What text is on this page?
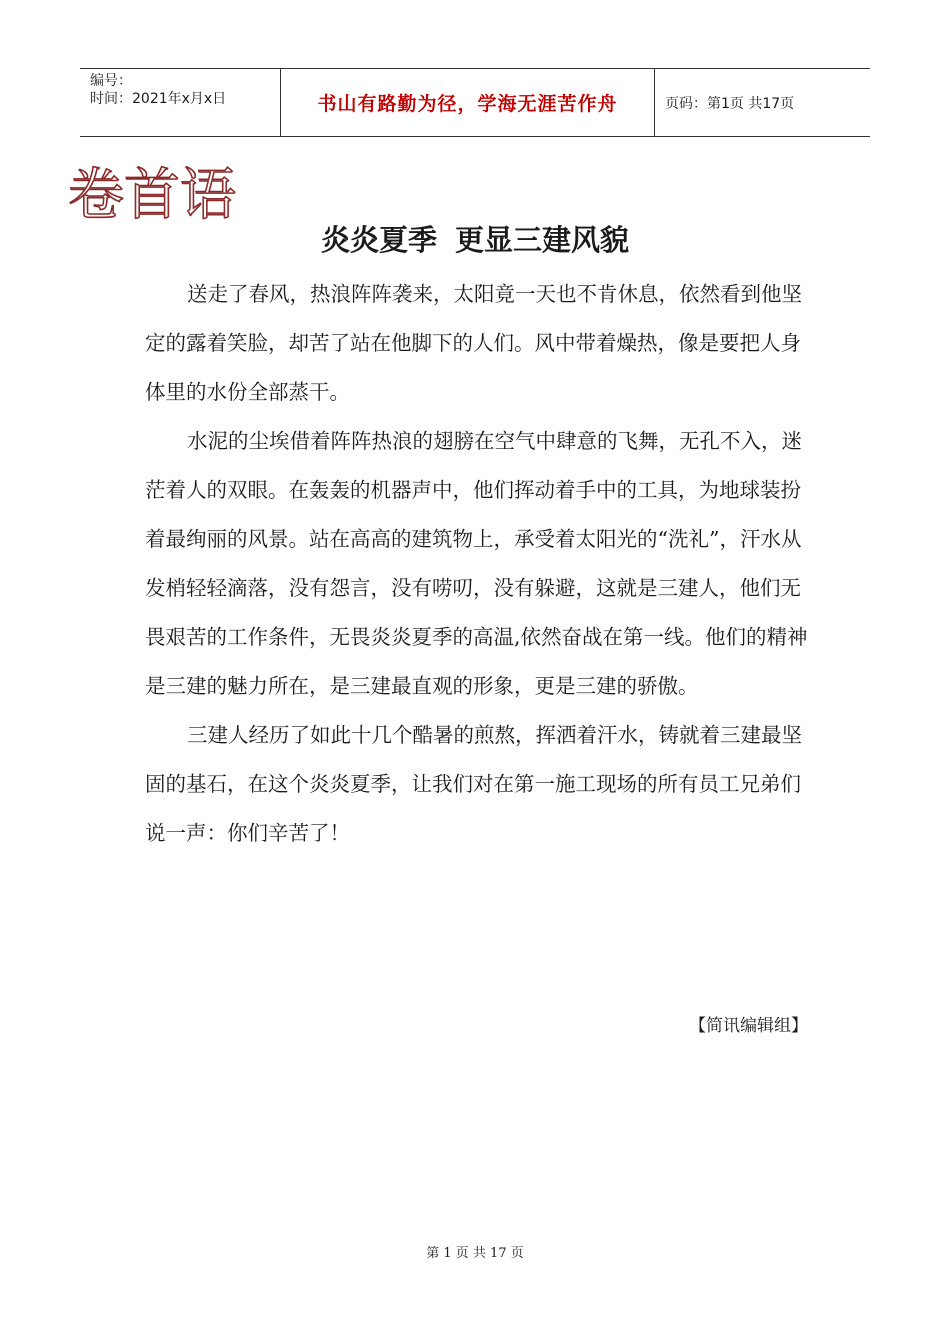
编号：
时间：2021年x月x日	书山有路勤为径，学海无涯苦作舟	页码：第1页 共17页
卷首语
炎炎夏季 更显三建风貌

送走了春风，热浪阵阵袭来，太阳竟一天也不肯休息，依然看到他坚定的露着笑脸，却苦了站在他脚下的人们。风中带着燥热，像是要把人身体里的水份全部蒸干。

水泥的尘埃借着阵阵热浪的翅膀在空气中肆意的飞舞，无孔不入，迷茫着人的双眼。在轰轰的机器声中，他们挥动着手中的工具，为地球装扮着最绚丽的风景。站在高高的建筑物上，承受着太阳光的“洗礼”，汗水从发梢轻轻滴落，没有怨言，没有唠叨，没有躲避，这就是三建人，他们无畏艰苦的工作条件，无畏炎炎夏季的高温,依然奋战在第一线。他们的精神是三建的魅力所在，是三建最直观的形象，更是三建的骄傲。

三建人经历了如此十几个酷暑的煎熬，挥洒着汗水，铸就着三建最坚固的基石，在这个炎炎夏季，让我们对在第一施工现场的所有员工兄弟们说一声：你们辛苦了！

【简讯编辑组】
第 1 页 共 17 页
